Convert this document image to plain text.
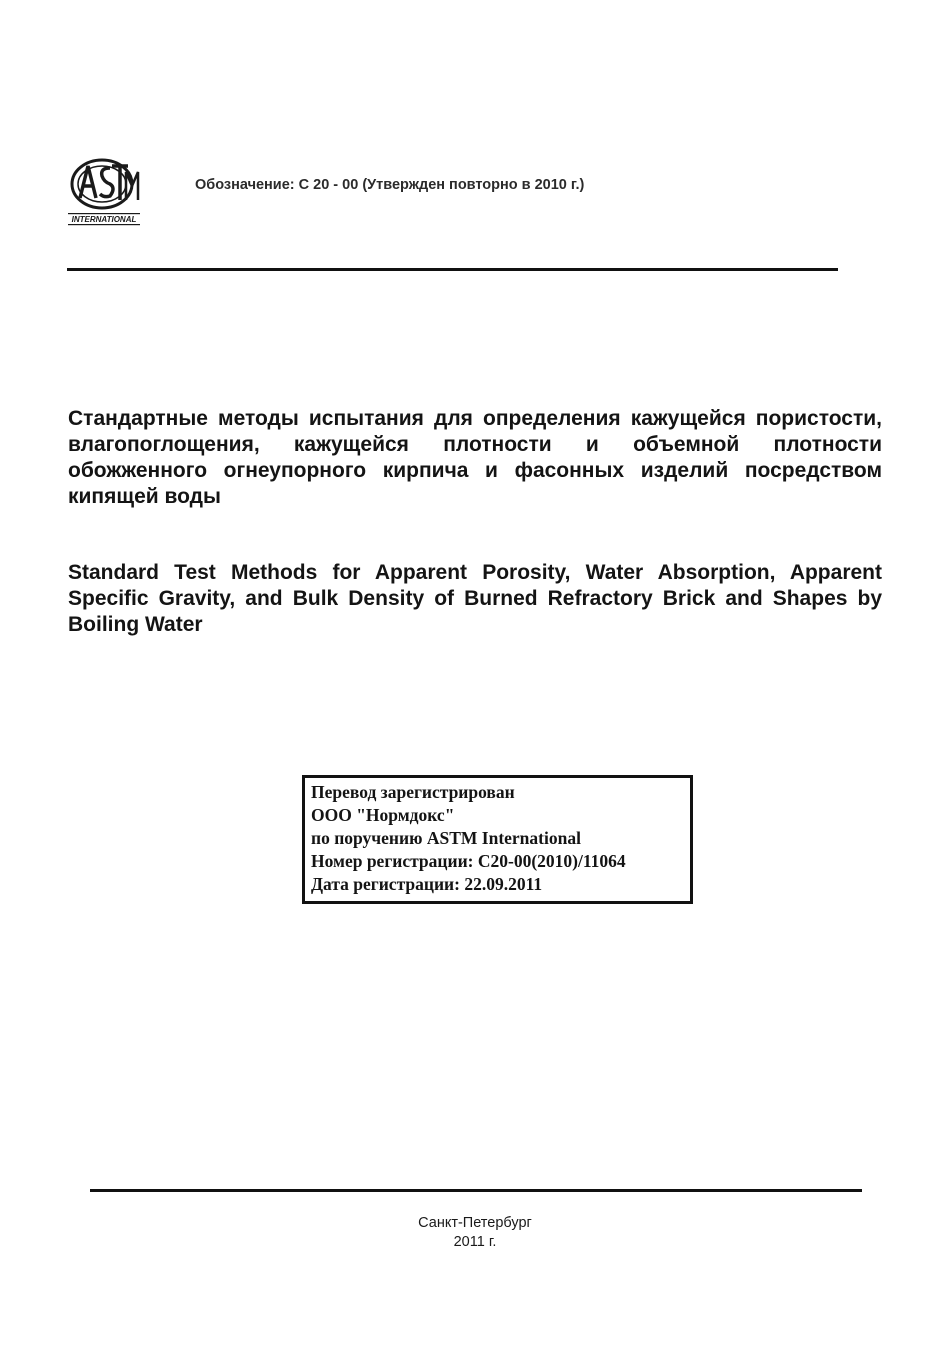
INTERNATIONAL
Обозначение: С 20 - 00 (Утвержден повторно в 2010 г.)
Стандартные методы испытания для определения кажущейся пористости, влагопоглощения, кажущейся плотности и объемной плотности обожженного огнеупорного кирпича и фасонных изделий посредством кипящей воды
Standard Test Methods for Apparent Porosity, Water Absorption, Apparent Specific Gravity, and Bulk Density of Burned Refractory Brick and Shapes by Boiling Water
Перевод зарегистрирован
ООО "Нормдокс"
по поручению ASTM International
Номер регистрации: C20-00(2010)/11064
Дата регистрации: 22.09.2011
Санкт-Петербург
2011 г.
